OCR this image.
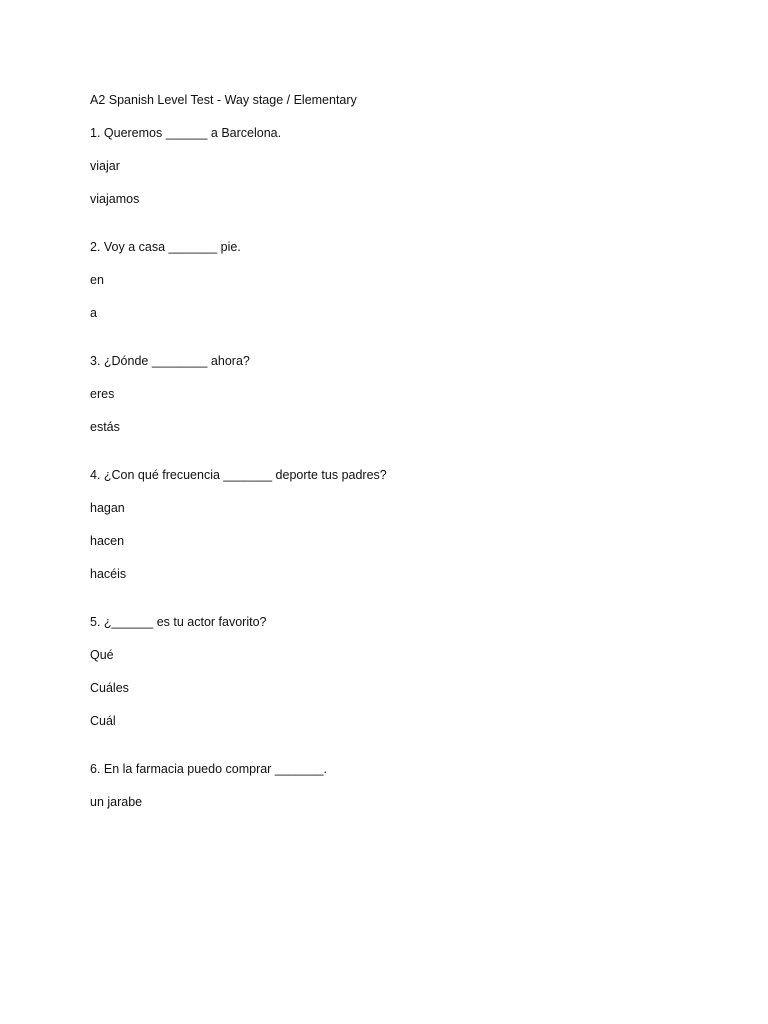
A2 Spanish Level Test - Way stage / Elementary
1. Queremos ______ a Barcelona.
viajar
viajamos
2. Voy a casa _______ pie.
en
a
3. ¿Dónde ________ ahora?
eres
estás
4. ¿Con qué frecuencia _______ deporte tus padres?
hagan
hacen
hacéis
5. ¿______ es tu actor favorito?
Qué
Cuáles
Cuál
6. En la farmacia puedo comprar _______.
un jarabe
